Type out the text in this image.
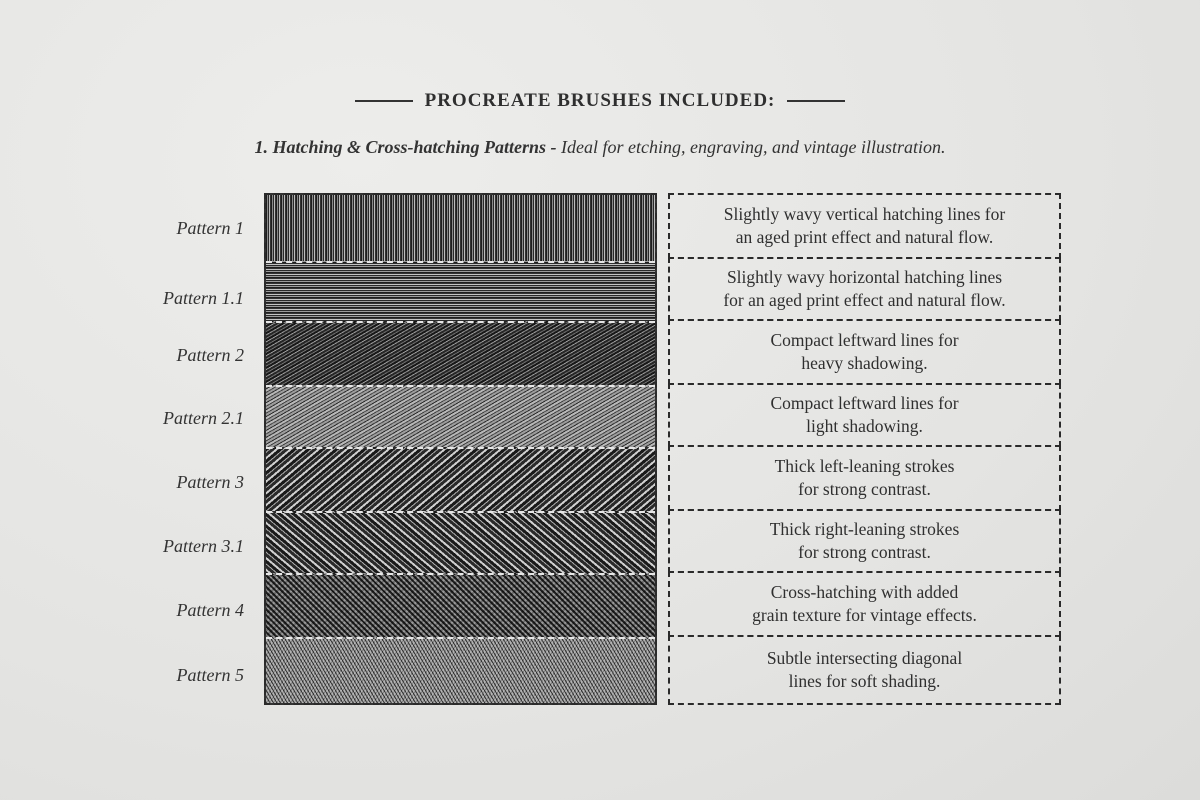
PROCREATE BRUSHES INCLUDED:
1. Hatching & Cross-hatching Patterns - Ideal for etching, engraving, and vintage illustration.
Pattern 1
Pattern 1.1
Pattern 2
Pattern 2.1
Pattern 3
Pattern 3.1
Pattern 4
Pattern 5
Slightly wavy vertical hatching lines for
an aged print effect and natural flow.
Slightly wavy horizontal hatching lines
for an aged print effect and natural flow.
Compact leftward lines for
heavy shadowing.
Compact leftward lines for
light shadowing.
Thick left-leaning strokes
for strong contrast.
Thick right-leaning strokes
for strong contrast.
Cross-hatching with added
grain texture for vintage effects.
Subtle intersecting diagonal
lines for soft shading.
